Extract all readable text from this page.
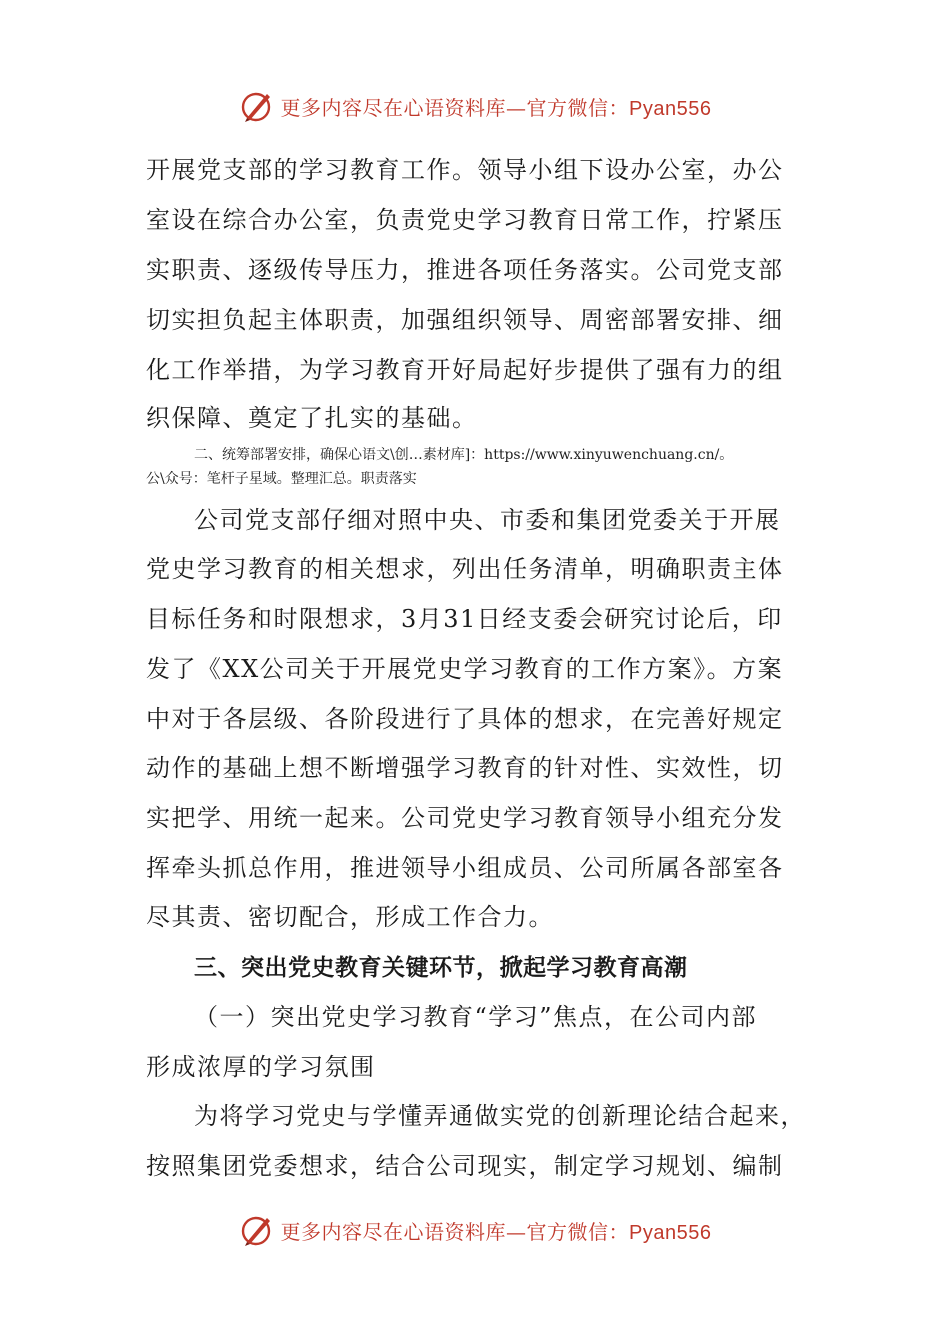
更多内容尽在心语资料库—官方微信：Pyan556
开展党支部的学习教育工作。领导小组下设办公室，办公
室设在综合办公室，负责党史学习教育日常工作，拧紧压
实职责、逐级传导压力，推进各项任务落实。公司党支部
切实担负起主体职责，加强组织领导、周密部署安排、细
化工作举措，为学习教育开好局起好步提供了强有力的组
织保障、奠定了扎实的基础。
二、统筹部署安排，确保心语文\创…素材库]：https://www.xinyuwenchuang.cn/。
公\众号：笔杆子星域。整理汇总。职责落实
公司党支部仔细对照中央、市委和集团党委关于开展
党史学习教育的相关想求，列出任务清单，明确职责主体
目标任务和时限想求，3月31日经支委会研究讨论后，印
发了《XX公司关于开展党史学习教育的工作方案》。方案
中对于各层级、各阶段进行了具体的想求，在完善好规定
动作的基础上想不断增强学习教育的针对性、实效性，切
实把学、用统一起来。公司党史学习教育领导小组充分发
挥牵头抓总作用，推进领导小组成员、公司所属各部室各
尽其责、密切配合，形成工作合力。
三、突出党史教育关键环节，掀起学习教育高潮
（一）突出党史学习教育“学习”焦点，在公司内部
形成浓厚的学习氛围
为将学习党史与学懂弄通做实党的创新理论结合起来，
按照集团党委想求，结合公司现实，制定学习规划、编制
更多内容尽在心语资料库—官方微信：Pyan556
